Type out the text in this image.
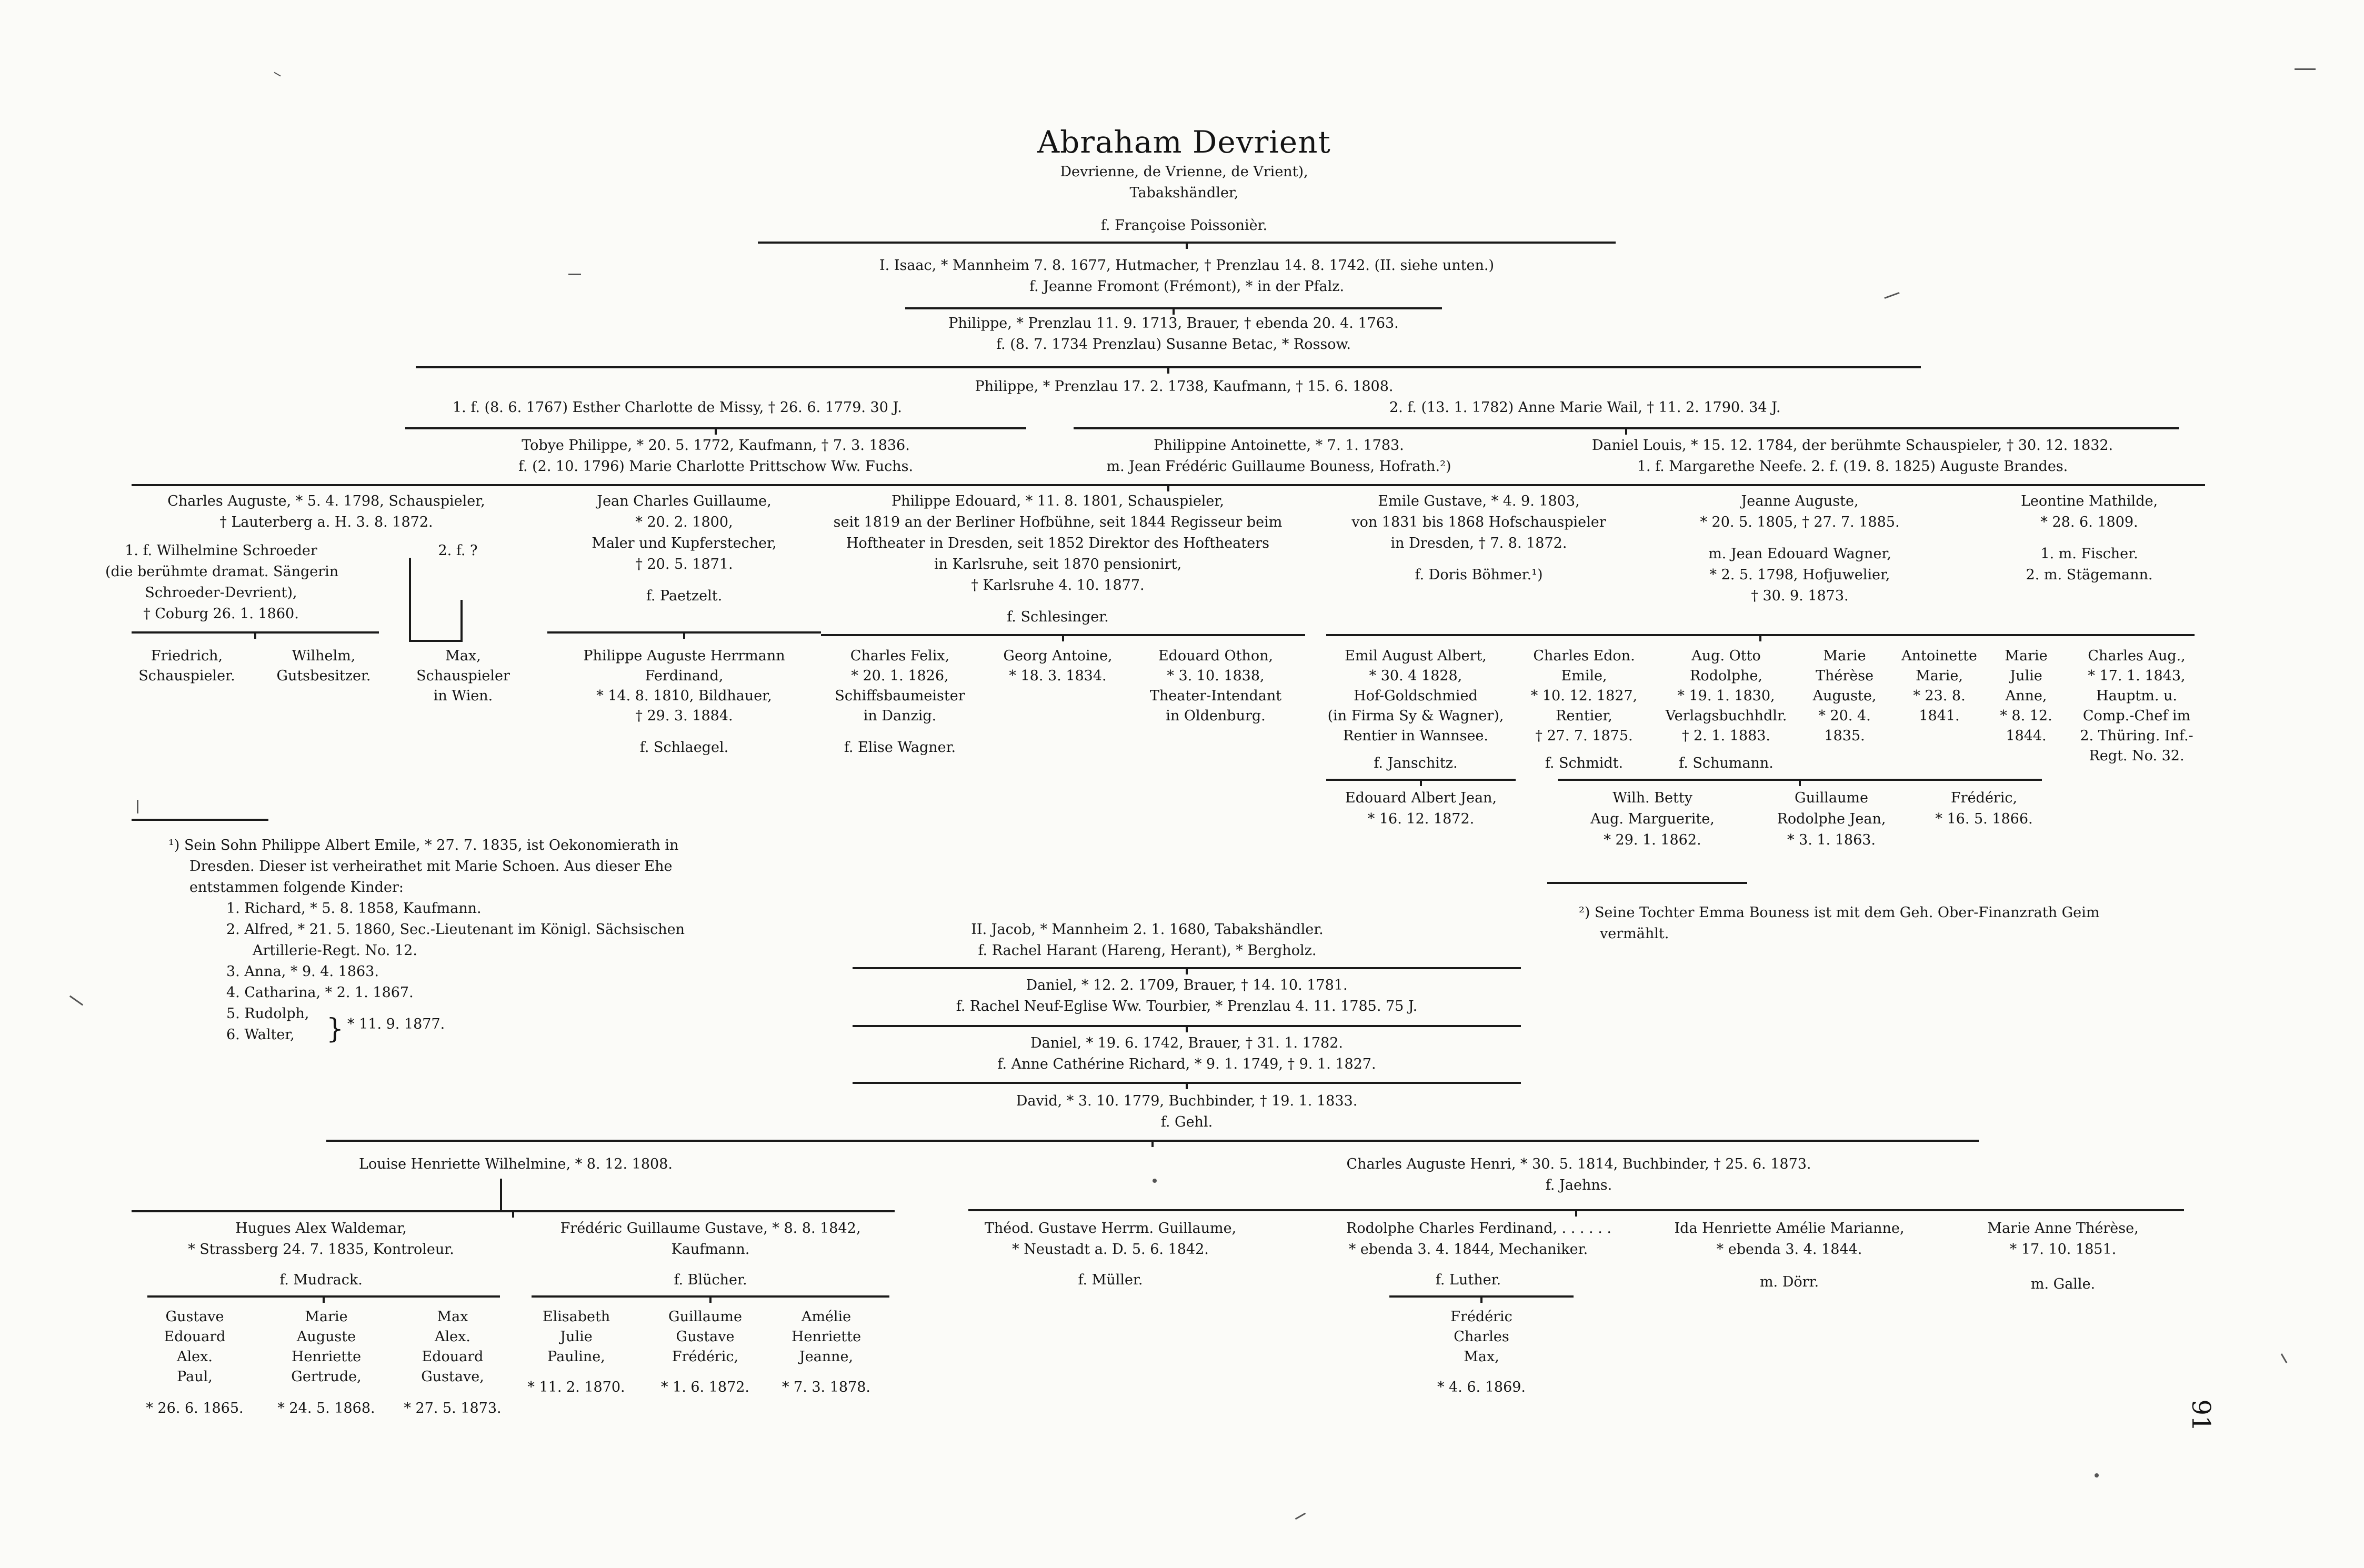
Abraham Devrient
Devrienne, de Vrienne, de Vrient),
Tabakshändler,
f. Françoise Poissonièr.
I. Isaac, * Mannheim 7. 8. 1677, Hutmacher, † Prenzlau 14. 8. 1742. (II. siehe unten.)
f. Jeanne Fromont (Frémont), * in der Pfalz.
Philippe, * Prenzlau 11. 9. 1713, Brauer, † ebenda 20. 4. 1763.
f. (8. 7. 1734 Prenzlau) Susanne Betac, * Rossow.
Philippe, * Prenzlau 17. 2. 1738, Kaufmann, † 15. 6. 1808.
1. f. (8. 6. 1767) Esther Charlotte de Missy, † 26. 6. 1779. 30 J.	2. f. (13. 1. 1782) Anne Marie Wail, † 11. 2. 1790. 34 J.
Tobye Philippe, * 20. 5. 1772, Kaufmann, † 7. 3. 1836.
f. (2. 10. 1796) Marie Charlotte Prittschow Ww. Fuchs.
Philippine Antoinette, * 7. 1. 1783.
m. Jean Frédéric Guillaume Bouness, Hofrath.²)
Daniel Louis, * 15. 12. 1784, der berühmte Schauspieler, † 30. 12. 1832.
1. f. Margarethe Neefe. 2. f. (19. 8. 1825) Auguste Brandes.
Charles Auguste, * 5. 4. 1798, Schauspieler,
† Lauterberg a. H. 3. 8. 1872.
1. f. Wilhelmine Schroeder
(die berühmte dramat. Sängerin
Schroeder-Devrient),
† Coburg 26. 1. 1860.
2. f. ?
Jean Charles Guillaume,
* 20. 2. 1800,
Maler und Kupferstecher,
† 20. 5. 1871.
f. Paetzelt.
Philippe Edouard, * 11. 8. 1801, Schauspieler,
seit 1819 an der Berliner Hofbühne, seit 1844 Regisseur beim
Hoftheater in Dresden, seit 1852 Direktor des Hoftheaters
in Karlsruhe, seit 1870 pensionirt,
† Karlsruhe 4. 10. 1877.
f. Schlesinger.
Emile Gustave, * 4. 9. 1803,
von 1831 bis 1868 Hofschauspieler
in Dresden, † 7. 8. 1872.
f. Doris Böhmer.¹)
Jeanne Auguste,
* 20. 5. 1805, † 27. 7. 1885.
m. Jean Edouard Wagner,
* 2. 5. 1798, Hofjuwelier,
† 30. 9. 1873.
Leontine Mathilde,
* 28. 6. 1809.
1. m. Fischer.
2. m. Stägemann.
Friedrich,
Schauspieler.
Wilhelm,
Gutsbesitzer.
Max,
Schauspieler
in Wien.
Philippe Auguste Herrmann
Ferdinand,
* 14. 8. 1810, Bildhauer,
† 29. 3. 1884.
f. Schlaegel.
Charles Felix,
* 20. 1. 1826,
Schiffsbaumeister
in Danzig.
f. Elise Wagner.
Georg Antoine,
* 18. 3. 1834.
Edouard Othon,
* 3. 10. 1838,
Theater-Intendant
in Oldenburg.
Emil August Albert,
* 30. 4 1828,
Hof-Goldschmied
(in Firma Sy & Wagner),
Rentier in Wannsee.
f. Janschitz.
Charles Edon.
Emile,
* 10. 12. 1827,
Rentier,
† 27. 7. 1875.
f. Schmidt.
Aug. Otto
Rodolphe,
* 19. 1. 1830,
Verlagsbuchhdlr.
† 2. 1. 1883.
f. Schumann.
Marie
Thérèse
Auguste,
* 20. 4.
1835.
Antoinette
Marie,
* 23. 8.
1841.
Marie
Julie
Anne,
* 8. 12.
1844.
Charles Aug.,
* 17. 1. 1843,
Hauptm. u.
Comp.-Chef im
2. Thüring. Inf.-
Regt. No. 32.
Edouard Albert Jean,
* 16. 12. 1872.
Wilh. Betty
Aug. Marguerite,
* 29. 1. 1862.
Guillaume
Rodolphe Jean,
* 3. 1. 1863.
Frédéric,
* 16. 5. 1866.
¹) Sein Sohn Philippe Albert Emile, * 27. 7. 1835, ist Oekonomierath in
Dresden. Dieser ist verheirathet mit Marie Schoen. Aus dieser Ehe
entstammen folgende Kinder:
1. Richard, * 5. 8. 1858, Kaufmann.
2. Alfred, * 21. 5. 1860, Sec.-Lieutenant im Königl. Sächsischen
Artillerie-Regt. No. 12.
3. Anna, * 9. 4. 1863.
4. Catharina, * 2. 1. 1867.
5. Rudolph,
6. Walter, } * 11. 9. 1877.
²) Seine Tochter Emma Bouness ist mit dem Geh. Ober-Finanzrath Geim
vermählt.
II. Jacob, * Mannheim 2. 1. 1680, Tabakshändler.
f. Rachel Harant (Hareng, Herant), * Bergholz.
Daniel, * 12. 2. 1709, Brauer, † 14. 10. 1781.
f. Rachel Neuf-Eglise Ww. Tourbier, * Prenzlau 4. 11. 1785. 75 J.
Daniel, * 19. 6. 1742, Brauer, † 31. 1. 1782.
f. Anne Cathérine Richard, * 9. 1. 1749, † 9. 1. 1827.
David, * 3. 10. 1779, Buchbinder, † 19. 1. 1833.
f. Gehl.
Louise Henriette Wilhelmine, * 8. 12. 1808.	Charles Auguste Henri, * 30. 5. 1814, Buchbinder, † 25. 6. 1873.
f. Jaehns.
Hugues Alex Waldemar,
* Strassberg 24. 7. 1835, Kontroleur.
f. Mudrack.
Frédéric Guillaume Gustave, * 8. 8. 1842,
Kaufmann.
f. Blücher.
Théod. Gustave Herrm. Guillaume,
* Neustadt a. D. 5. 6. 1842.
f. Müller.
Rodolphe Charles Ferdinand, . . . . . .
* ebenda 3. 4. 1844, Mechaniker.
f. Luther.
Ida Henriette Amélie Marianne,
* ebenda 3. 4. 1844.
m. Dörr.
Marie Anne Thérèse,
* 17. 10. 1851.
m. Galle.
Gustave
Edouard
Alex.
Paul,
* 26. 6. 1865.
Marie
Auguste
Henriette
Gertrude,
* 24. 5. 1868.
Max
Alex.
Edouard
Gustave,
* 27. 5. 1873.
Elisabeth
Julie
Pauline,
* 11. 2. 1870.
Guillaume
Gustave
Frédéric,
* 1. 6. 1872.
Amélie
Henriette
Jeanne,
* 7. 3. 1878.
Frédéric
Charles
Max,
* 4. 6. 1869.
91
